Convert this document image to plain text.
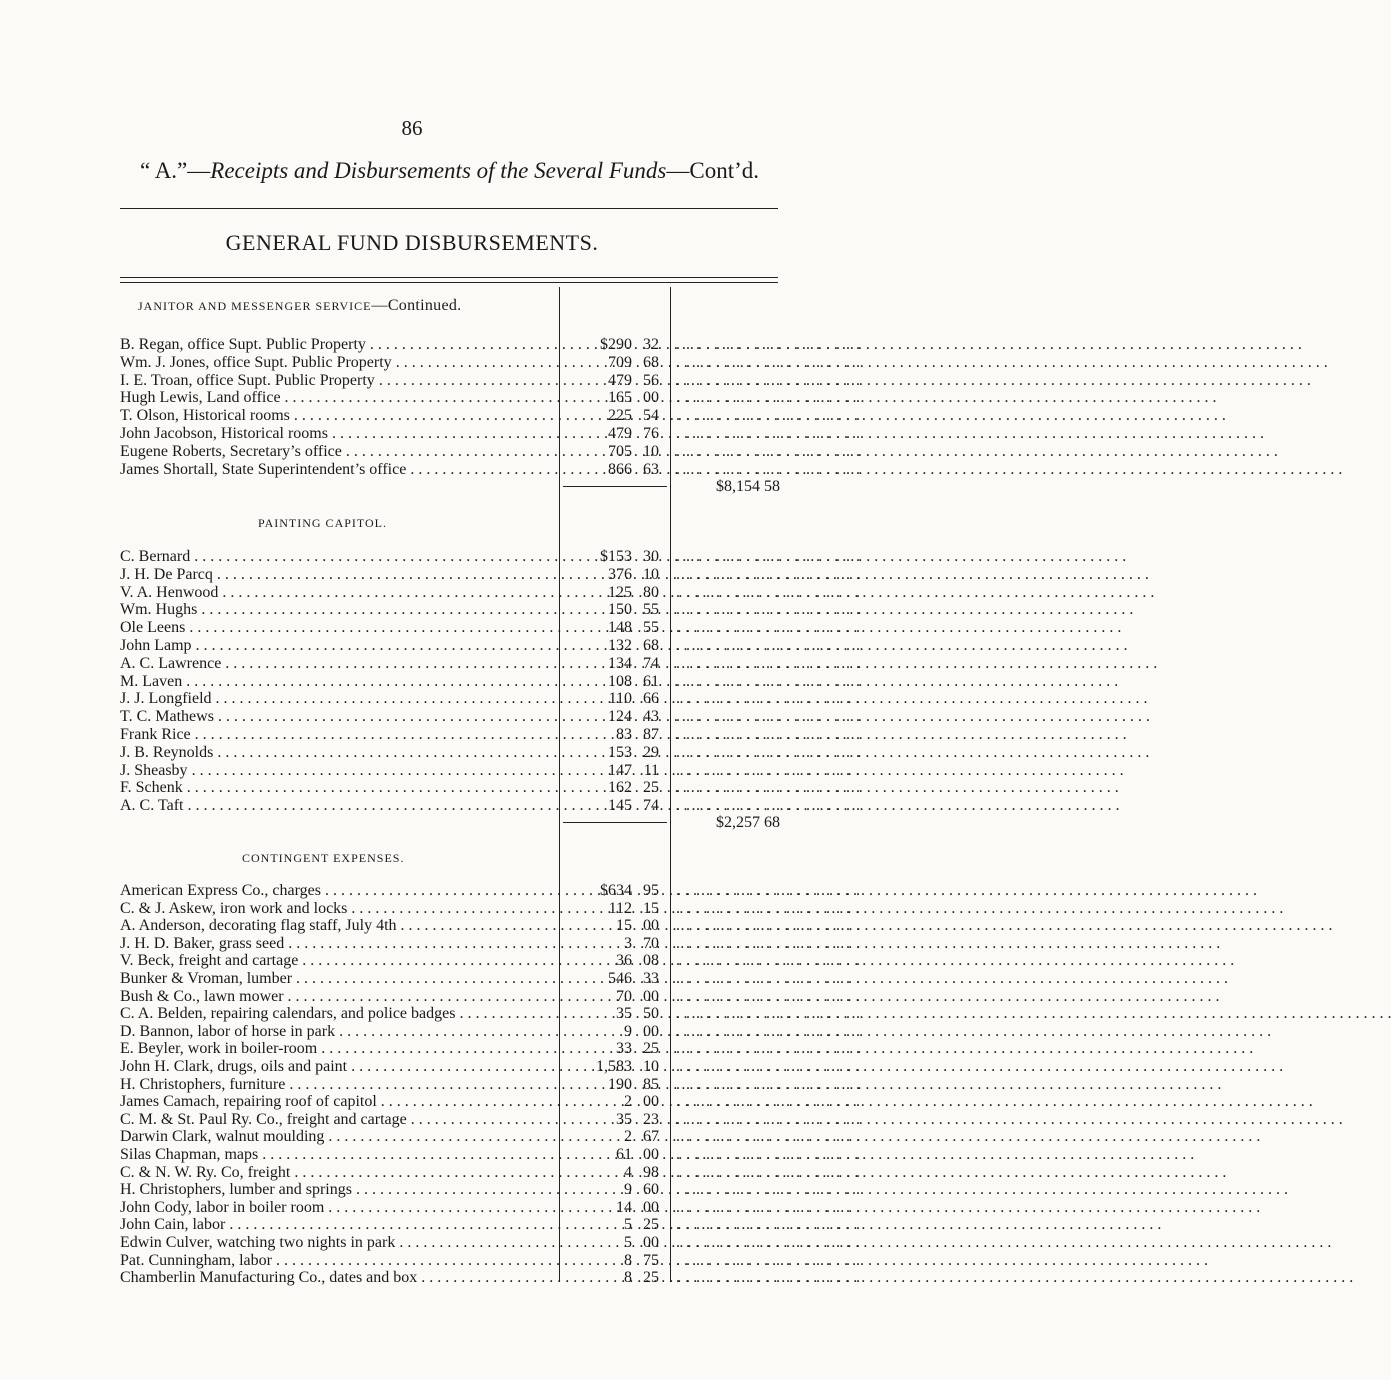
86
“ A.”—Receipts and Disbursements of the Several Funds—Cont’d.
GENERAL FUND DISBURSEMENTS.
JANITOR AND MESSENGER SERVICE—Continued.
B. Regan, office Supt. Public Property . . .	$290 32 . . . . . . . . . . . . . . . . . . .
Wm. J. Jones, office Supt. Public Property . . .	709 68 . . . . . . . . . . . . . . . . . . .
I. E. Troan, office Supt. Public Property . . .	479 56 . . . . . . . . . . . . . . . . . . .
Hugh Lewis, Land office . . .	165 00 . . . . . . . . . . . . . . . . . . .
T. Olson, Historical rooms . . .	225 54 . . . . . . . . . . . . . . . . . . .
John Jacobson, Historical rooms . . .	479 76 . . . . . . . . . . . . . . . . . . .
Eugene Roberts, Secretary’s office . . .	705 10 . . . . . . . . . . . . . . . . . . .
James Shortall, State Superintendent’s office . . .	866 63 . . . . . . . . . . . . . . . . . . .
$8,154 58
PAINTING CAPITOL.
C. Bernard . . .	$153 30 . . . . . . . . . . . . . . . . . . .
J. H. De Parcq . . .	376 10 . . . . . . . . . . . . . . . . . . .
V. A. Henwood . . .	125 80 . . . . . . . . . . . . . . . . . . .
Wm. Hughs . . .	150 55 . . . . . . . . . . . . . . . . . . .
Ole Leens . . .	148 55 . . . . . . . . . . . . . . . . . . .
John Lamp . . .	132 68 . . . . . . . . . . . . . . . . . . .
A. C. Lawrence . . .	134 74 . . . . . . . . . . . . . . . . . . .
M. Laven . . .	108 61 . . . . . . . . . . . . . . . . . . .
J. J. Longfield . . .	110 66 . . . . . . . . . . . . . . . . . . .
T. C. Mathews . . .	124 43 . . . . . . . . . . . . . . . . . . .
Frank Rice . . .	83 87 . . . . . . . . . . . . . . . . . . .
J. B. Reynolds . . .	153 29 . . . . . . . . . . . . . . . . . . .
J. Sheasby . . .	147 11 . . . . . . . . . . . . . . . . . . .
F. Schenk . . .	162 25 . . . . . . . . . . . . . . . . . . .
A. C. Taft . . .	145 74 . . . . . . . . . . . . . . . . . . .
$2,257 68
CONTINGENT EXPENSES.
American Express Co., charges . . .	$634 95 . . . . . . . . . . . . . . . . . . .
C. & J. Askew, iron work and locks . . .	112 15 . . . . . . . . . . . . . . . . . . .
A. Anderson, decorating flag staff, July 4th . . .	15 00 . . . . . . . . . . . . . . . . . . .
J. H. D. Baker, grass seed . . .	3 70 . . . . . . . . . . . . . . . . . . .
V. Beck, freight and cartage . . .	36 08 . . . . . . . . . . . . . . . . . . .
Bunker & Vroman, lumber . . .	546 33 . . . . . . . . . . . . . . . . . . .
Bush & Co., lawn mower . . .	70 00 . . . . . . . . . . . . . . . . . . .
C. A. Belden, repairing calendars, and police badges . . .	35 50 . . . . . . . . . . . . . . . . . . .
D. Bannon, labor of horse in park . . .	9 00 . . . . . . . . . . . . . . . . . . .
E. Beyler, work in boiler-room . . .	33 25 . . . . . . . . . . . . . . . . . . .
John H. Clark, drugs, oils and paint . . .	1,583 10 . . . . . . . . . . . . . . . . . . .
H. Christophers, furniture . . .	190 85 . . . . . . . . . . . . . . . . . . .
James Camach, repairing roof of capitol . . .	2 00 . . . . . . . . . . . . . . . . . . .
C. M. & St. Paul Ry. Co., freight and cartage . . .	35 23 . . . . . . . . . . . . . . . . . . .
Darwin Clark, walnut moulding . . .	2 67 . . . . . . . . . . . . . . . . . . .
Silas Chapman, maps . . .	61 00 . . . . . . . . . . . . . . . . . . .
C. & N. W. Ry. Co, freight . . .	4 98 . . . . . . . . . . . . . . . . . . .
H. Christophers, lumber and springs . . .	9 60 . . . . . . . . . . . . . . . . . . .
John Cody, labor in boiler room . . .	14 00 . . . . . . . . . . . . . . . . . . .
John Cain, labor . . .	5 25 . . . . . . . . . . . . . . . . . . .
Edwin Culver, watching two nights in park . . .	5 00 . . . . . . . . . . . . . . . . . . .
Pat. Cunningham, labor . . .	8 75 . . . . . . . . . . . . . . . . . . .
Chamberlin Manufacturing Co., dates and box . . .	8 25 . . . . . . . . . . . . . . . . . . .
